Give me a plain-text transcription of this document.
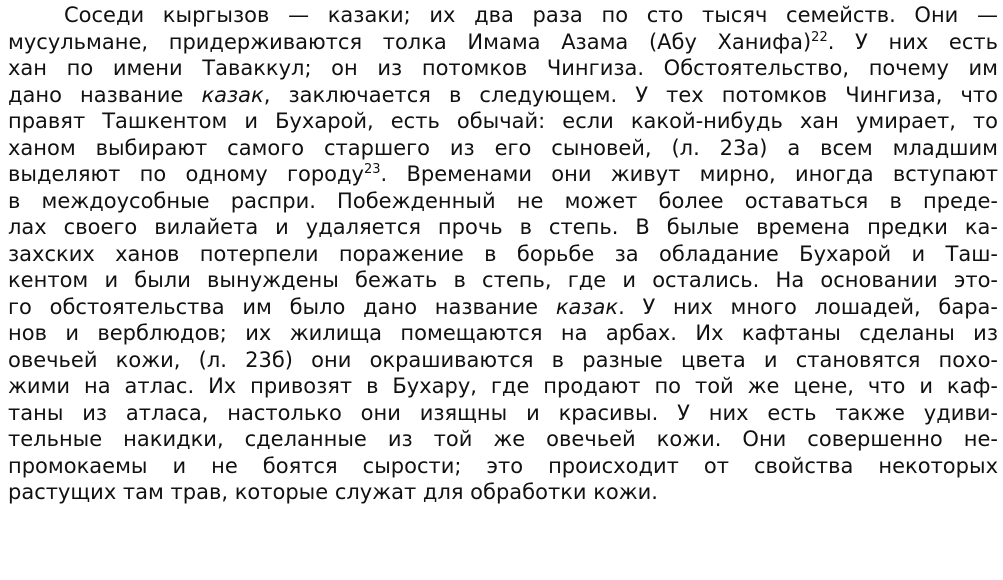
Соседи кыргызов — казаки; их два раза по сто тысяч семейств. Они —
мусульмане, придерживаются толка Имама Азама (Абу Ханифа)$^{22}$. У них есть
хан по имени Таваккул; он из потомков Чингиза. Обстоятельство, почему им
дано название казак, заключается в следующем. У тех потомков Чингиза, что
правят Ташкентом и Бухарой, есть обычай: если какой-нибудь хан умирает, то
ханом выбирают самого старшего из его сыновей, (л. 23а) а всем младшим
выделяют по одному городу$^{23}$. Временами они живут мирно, иногда вступают
в междоусобные распри. Побежденный не может более оставаться в преде-
лах своего вилайета и удаляется прочь в степь. В былые времена предки ка-
захских ханов потерпели поражение в борьбе за обладание Бухарой и Таш-
кентом и были вынуждены бежать в степь, где и остались. На основании это-
го обстоятельства им было дано название казак. У них много лошадей, бара-
нов и верблюдов; их жилища помещаются на арбах. Их кафтаны сделаны из
овечьей кожи, (л. 23б) они окрашиваются в разные цвета и становятся похо-
жими на атлас. Их привозят в Бухару, где продают по той же цене, что и каф-
таны из атласа, настолько они изящны и красивы. У них есть также удиви-
тельные накидки, сделанные из той же овечьей кожи. Они совершенно не-
промокаемы и не боятся сырости; это происходит от свойства некоторых
растущих там трав, которые служат для обработки кожи.
